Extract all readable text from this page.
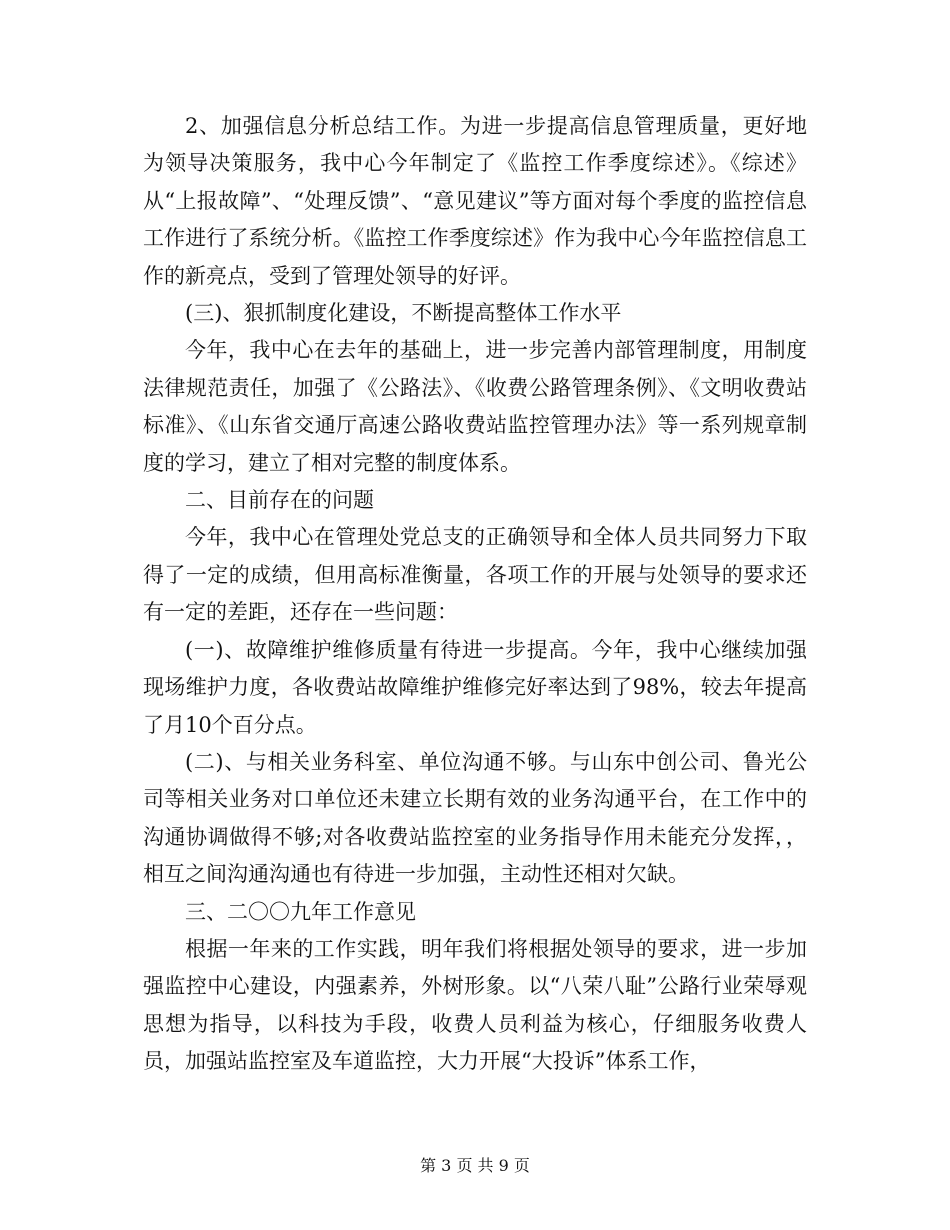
2、加强信息分析总结工作。为进一步提高信息管理质量，更好地为领导决策服务，我中心今年制定了《监控工作季度综述》。《综述》从“上报故障”、“处理反馈”、“意见建议”等方面对每个季度的监控信息工作进行了系统分析。《监控工作季度综述》作为我中心今年监控信息工作的新亮点，受到了管理处领导的好评。

(三)、狠抓制度化建设，不断提高整体工作水平

今年，我中心在去年的基础上，进一步完善内部管理制度，用制度法律规范责任，加强了《公路法》、《收费公路管理条例》、《文明收费站标准》、《山东省交通厅高速公路收费站监控管理办法》等一系列规章制度的学习，建立了相对完整的制度体系。

二、目前存在的问题

今年，我中心在管理处党总支的正确领导和全体人员共同努力下取得了一定的成绩，但用高标准衡量，各项工作的开展与处领导的要求还有一定的差距，还存在一些问题：

(一)、故障维护维修质量有待进一步提高。今年，我中心继续加强现场维护力度，各收费站故障维护维修完好率达到了98%，较去年提高了月10个百分点。

(二)、与相关业务科室、单位沟通不够。与山东中创公司、鲁光公司等相关业务对口单位还未建立长期有效的业务沟通平台，在工作中的沟通协调做得不够;对各收费站监控室的业务指导作用未能充分发挥，，相互之间沟通沟通也有待进一步加强，主动性还相对欠缺。

三、二〇〇九年工作意见

根据一年来的工作实践，明年我们将根据处领导的要求，进一步加强监控中心建设，内强素养，外树形象。以“八荣八耻”公路行业荣辱观思想为指导，以科技为手段，收费人员利益为核心，仔细服务收费人员，加强站监控室及车道监控，大力开展“大投诉”体系工作，

第 3 页 共 9 页
